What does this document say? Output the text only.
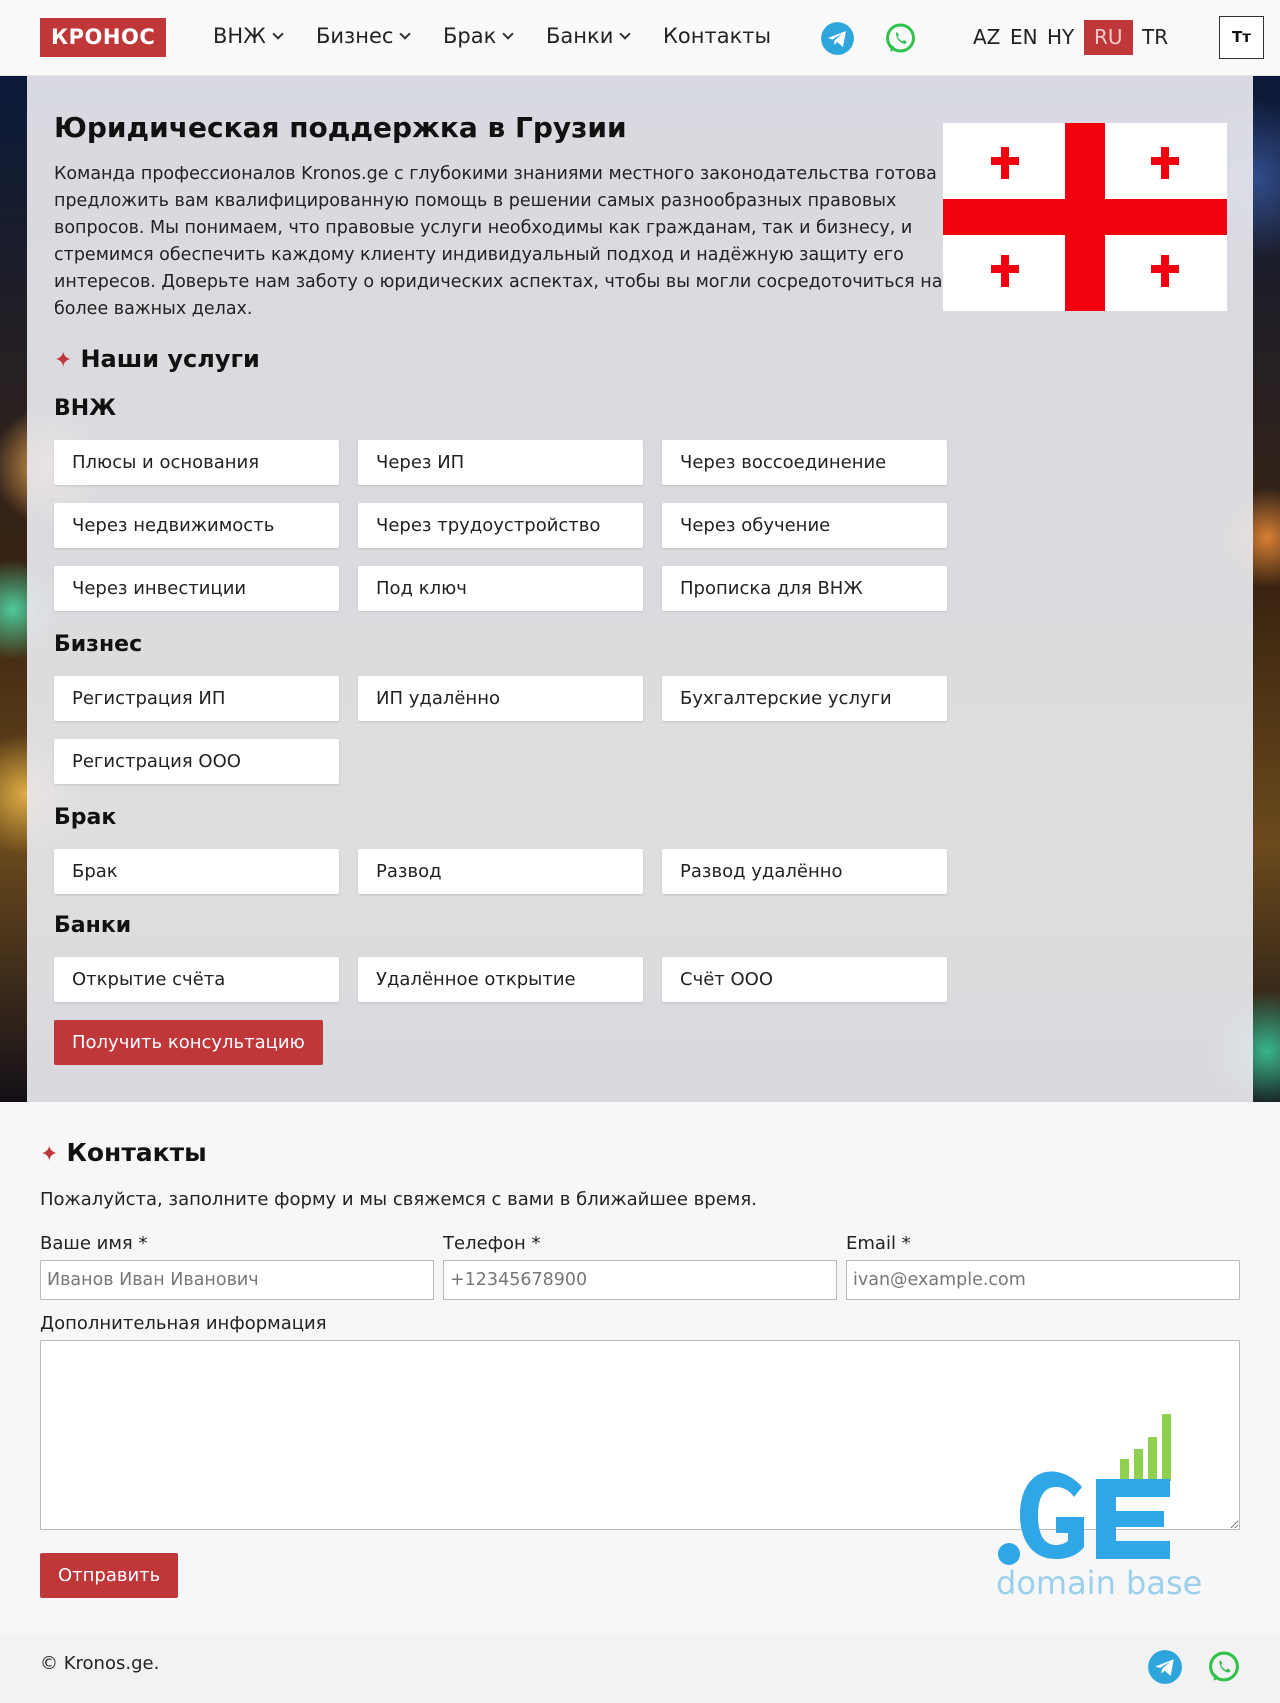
КРОНОС	ВНЖ	Бизнес	Брак	Банки	Контакты	AZ EN HY RU TR	Тт
Юридическая поддержка в Грузии
Команда профессионалов Kronos.ge с глубокими знаниями местного законодательства готова предложить вам квалифицированную помощь в решении самых разнообразных правовых вопросов. Мы понимаем, что правовые услуги необходимы как гражданам, так и бизнесу, и стремимся обеспечить каждому клиенту индивидуальный подход и надёжную защиту его интересов. Доверьте нам заботу о юридических аспектах, чтобы вы могли сосредоточиться на более важных делах.
✦ Наши услуги
ВНЖ
Плюсы и основания	Через ИП	Через воссоединение
Через недвижимость	Через трудоустройство	Через обучение
Через инвестиции	Под ключ	Прописка для ВНЖ
Бизнес
Регистрация ИП	ИП удалённо	Бухгалтерские услуги
Регистрация ООО
Брак
Брак	Развод	Развод удалённо
Банки
Открытие счёта	Удалённое открытие	Счёт ООО
Получить консультацию
✦ Контакты
Пожалуйста, заполните форму и мы свяжемся с вами в ближайшее время.
Ваше имя *
Иванов Иван Иванович	Телефон *
+12345678900	Email *
ivan@example.com
Дополнительная информация
Отправить	domain base
© Kronos.ge.
